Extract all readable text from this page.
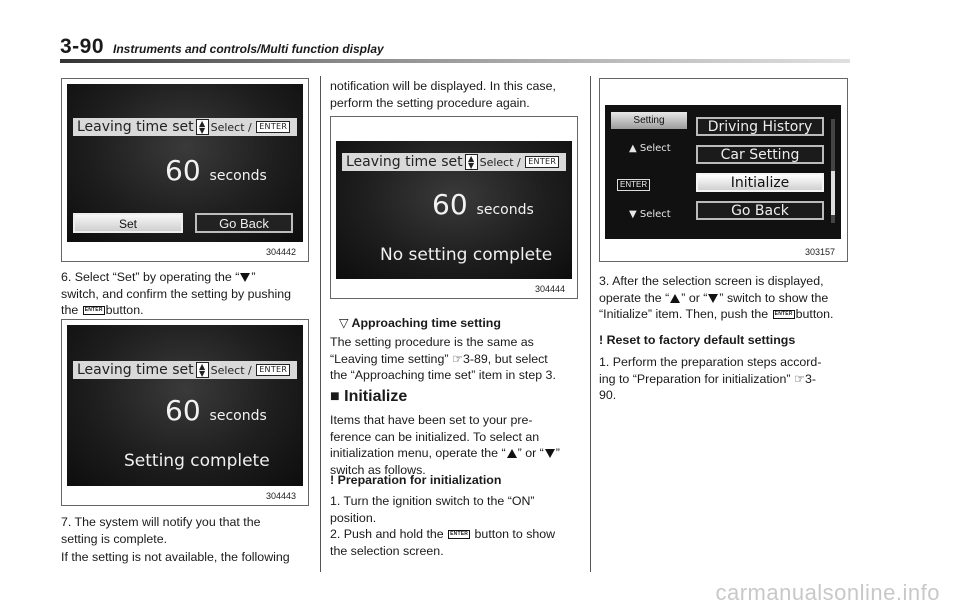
3-90 Instruments and controls/Multi function display
Leaving time set ▲
▼ Select / ENTER
60 seconds
Set	Go Back
304442

6. Select “Set” by operating the “ ”

switch, and confirm the setting by pushing

the ENTER button.

Leaving time set ▲
▼ Select / ENTER
60 seconds
Setting complete
304443

7. The system will notify you that the

setting is complete.

If the setting is not available, the following

notification will be displayed. In this case,

perform the setting procedure again.

Leaving time set ▲
▼ Select / ENTER
60 seconds
No setting complete
304444
▽ Approaching time setting

The setting procedure is the same as

“Leaving time setting” ☞3-89, but select

the “Approaching time set” item in step 3.

■ Initialize

Items that have been set to your pre-

ference can be initialized. To select an

initialization menu, operate the “ ” or “ ”

switch as follows.

! Preparation for initialization

1. Turn the ignition switch to the “ON”

position.

2. Push and hold the ENTER button to show

the selection screen.

Setting
▲ Select
ENTER
▼ Select
Driving History
Car Setting
Initialize
Go Back
303157

3. After the selection screen is displayed,

operate the “ ” or “ ” switch to show the

“Initialize” item. Then, push the ENTER button.

! Reset to factory default settings

1. Perform the preparation steps accord-

ing to “Preparation for initialization” ☞3-

90.

carmanualsonline.info
